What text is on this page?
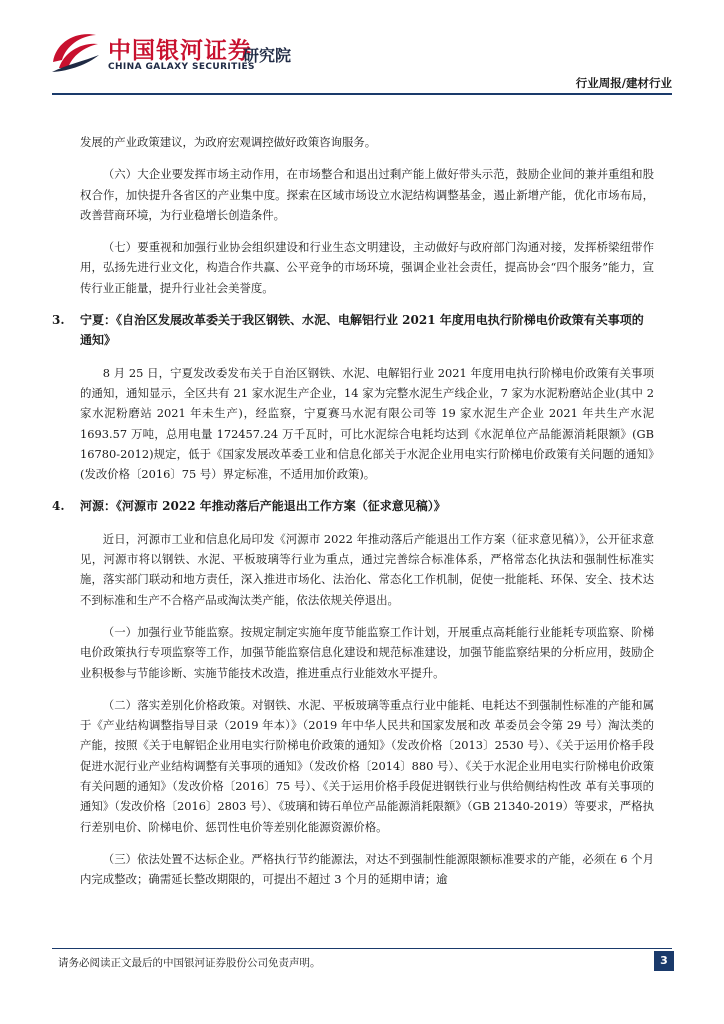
中国银河证券
CHINA GALAXY SECURITIES
研究院
行业周报/建材行业

发展的产业政策建议，为政府宏观调控做好政策咨询服务。

（六）大企业要发挥市场主动作用，在市场整合和退出过剩产能上做好带头示范，鼓励企业间的兼并重组和股权合作，加快提升各省区的产业集中度。探索在区域市场设立水泥结构调整基金，遏止新增产能，优化市场布局，改善营商环境，为行业稳增长创造条件。

（七）要重视和加强行业协会组织建设和行业生态文明建设，主动做好与政府部门沟通对接，发挥桥梁纽带作用，弘扬先进行业文化，构造合作共赢、公平竞争的市场环境，强调企业社会责任，提高协会“四个服务”能力，宣传行业正能量，提升行业社会美誉度。

3.	宁夏：《自治区发展改革委关于我区钢铁、水泥、电解铝行业 2021 年度用电执行阶梯电价政策有关事项的通知》

8 月 25 日，宁夏发改委发布关于自治区钢铁、水泥、电解铝行业 2021 年度用电执行阶梯电价政策有关事项的通知，通知显示，全区共有 21 家水泥生产企业，14 家为完整水泥生产线企业，7 家为水泥粉磨站企业(其中 2 家水泥粉磨站 2021 年未生产)，经监察，宁夏赛马水泥有限公司等 19 家水泥生产企业 2021 年共生产水泥 1693.57 万吨，总用电量 172457.24 万千瓦时，可比水泥综合电耗均达到《水泥单位产品能源消耗限额》(GB 16780-2012)规定，低于《国家发展改革委工业和信息化部关于水泥企业用电实行阶梯电价政策有关问题的通知》(发改价格〔2016〕75 号）界定标准，不适用加价政策)。

4.	河源：《河源市 2022 年推动落后产能退出工作方案（征求意见稿）》

近日，河源市工业和信息化局印发《河源市 2022 年推动落后产能退出工作方案（征求意见稿）》，公开征求意见，河源市将以钢铁、水泥、平板玻璃等行业为重点，通过完善综合标准体系，严格常态化执法和强制性标准实施，落实部门联动和地方责任，深入推进市场化、法治化、常态化工作机制，促使一批能耗、环保、安全、技术达不到标准和生产不合格产品或淘汰类产能，依法依规关停退出。

（一）加强行业节能监察。按规定制定实施年度节能监察工作计划，开展重点高耗能行业能耗专项监察、阶梯电价政策执行专项监察等工作，加强节能监察信息化建设和规范标准建设，加强节能监察结果的分析应用，鼓励企业积极参与节能诊断、实施节能技术改造，推进重点行业能效水平提升。

（二）落实差别化价格政策。对钢铁、水泥、平板玻璃等重点行业中能耗、电耗达不到强制性标准的产能和属于《产业结构调整指导目录（2019 年本）》（2019 年中华人民共和国家发展和改 革委员会令第 29 号）淘汰类的产能，按照《关于电解铝企业用电实行阶梯电价政策的通知》（发改价格〔2013〕2530 号）、《关于运用价格手段促进水泥行业产业结构调整有关事项的通知》（发改价格〔2014〕880 号）、《关于水泥企业用电实行阶梯电价政策有关问题的通知》（发改价格〔2016〕75 号）、《关于运用价格手段促进钢铁行业与供给侧结构性改 革有关事项的通知》（发改价格〔2016〕2803 号）、《玻璃和铸石单位产品能源消耗限额》（GB 21340-2019）等要求，严格执行差别电价、阶梯电价、惩罚性电价等差别化能源资源价格。

（三）依法处置不达标企业。严格执行节约能源法，对达不到强制性能源限额标准要求的产能，必须在 6 个月内完成整改；确需延长整改期限的，可提出不超过 3 个月的延期申请；逾

请务必阅读正文最后的中国银河证券股份公司免责声明。	3
